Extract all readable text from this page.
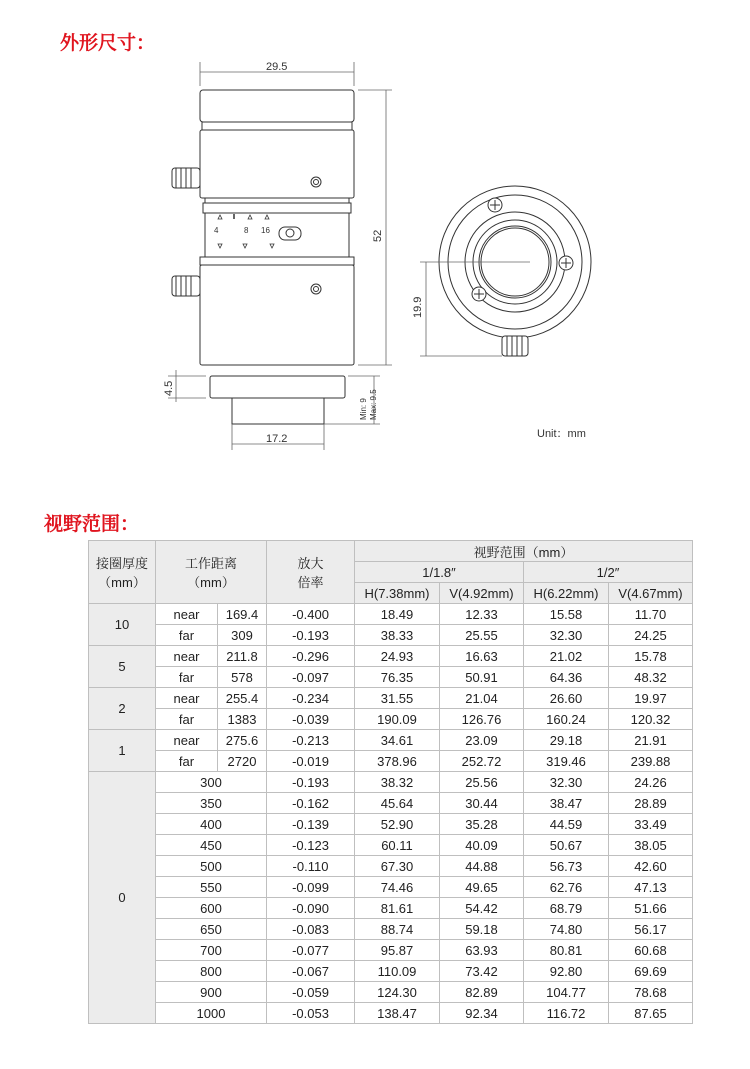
外形尺寸：
4	8 16
29.5
52
Min: 9 Max: 9.5
4.5
17.2
19.9
Unit：mm
视野范围：
接圈厚度
（mm）	工作距离
（mm）		放大
倍率	视野范围（mm）			
				1/1.8″		1/2″	
				H(7.38mm)	V(4.92mm)	H(6.22mm)	V(4.67mm)
10	near	169.4	-0.400	18.49	12.33	15.58	11.70
	far	309	-0.193	38.33	25.55	32.30	24.25
5	near	211.8	-0.296	24.93	16.63	21.02	15.78
	far	578	-0.097	76.35	50.91	64.36	48.32
2	near	255.4	-0.234	31.55	21.04	26.60	19.97
	far	1383	-0.039	190.09	126.76	160.24	120.32
1	near	275.6	-0.213	34.61	23.09	29.18	21.91
	far	2720	-0.019	378.96	252.72	319.46	239.88
0	300		-0.193	38.32	25.56	32.30	24.26
	350		-0.162	45.64	30.44	38.47	28.89
	400		-0.139	52.90	35.28	44.59	33.49
	450		-0.123	60.11	40.09	50.67	38.05
	500		-0.110	67.30	44.88	56.73	42.60
	550		-0.099	74.46	49.65	62.76	47.13
	600		-0.090	81.61	54.42	68.79	51.66
	650		-0.083	88.74	59.18	74.80	56.17
	700		-0.077	95.87	63.93	80.81	60.68
	800		-0.067	110.09	73.42	92.80	69.69
	900		-0.059	124.30	82.89	104.77	78.68
	1000		-0.053	138.47	92.34	116.72	87.65
